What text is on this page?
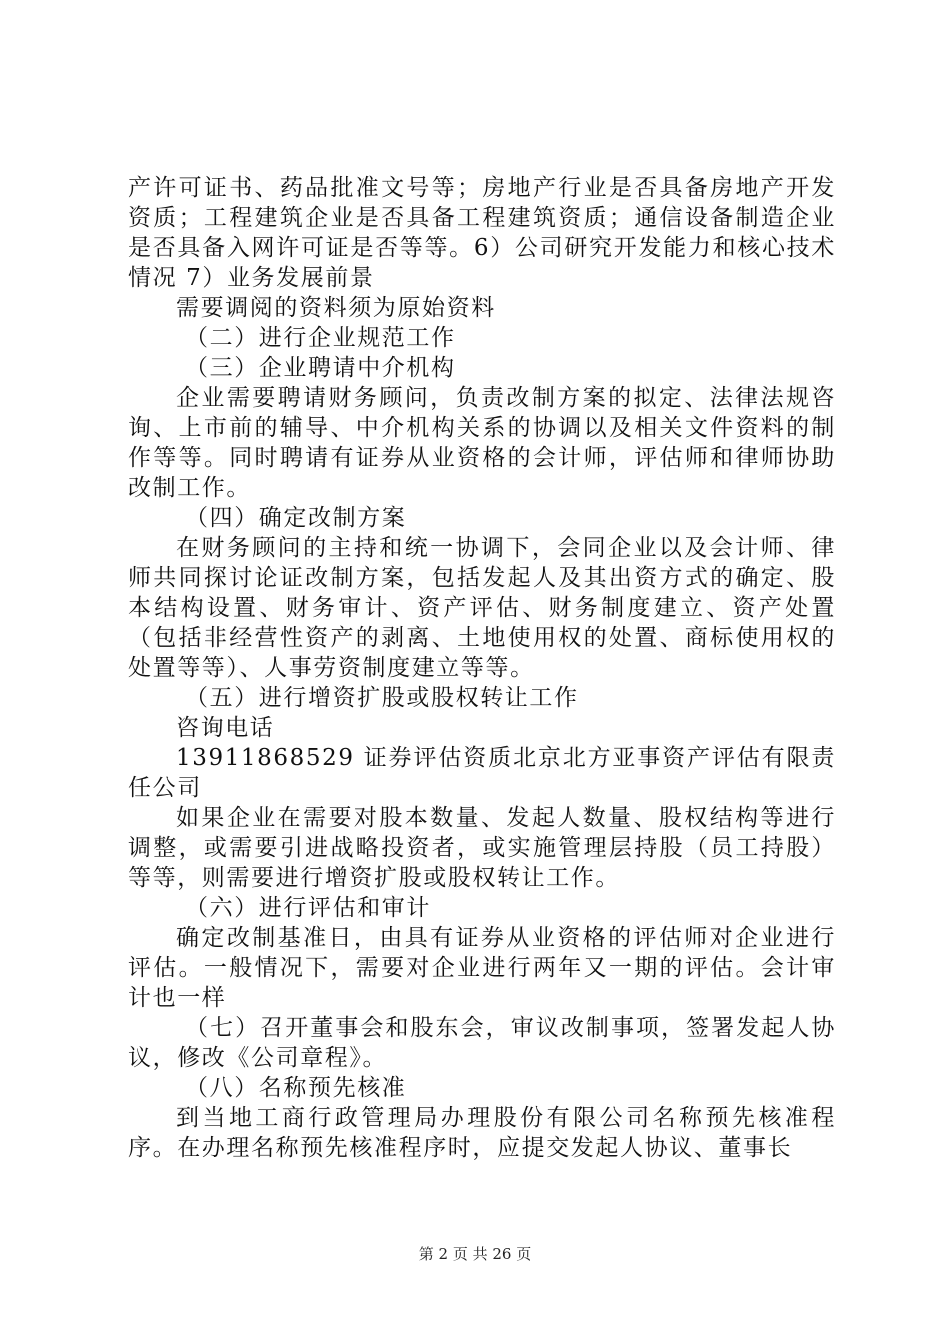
产许可证书、药品批准文号等；房地产行业是否具备房地产开发资质；工程建筑企业是否具备工程建筑资质；通信设备制造企业是否具备入网许可证是否等等。6）公司研究开发能力和核心技术情况 7）业务发展前景

需要调阅的资料须为原始资料

（二）进行企业规范工作

（三）企业聘请中介机构

企业需要聘请财务顾问，负责改制方案的拟定、法律法规咨询、上市前的辅导、中介机构关系的协调以及相关文件资料的制作等等。同时聘请有证券从业资格的会计师，评估师和律师协助改制工作。

（四）确定改制方案

在财务顾问的主持和统一协调下，会同企业以及会计师、律师共同探讨论证改制方案，包括发起人及其出资方式的确定、股本结构设置、财务审计、资产评估、财务制度建立、资产处置（包括非经营性资产的剥离、土地使用权的处置、商标使用权的处置等等）、人事劳资制度建立等等。

（五）进行增资扩股或股权转让工作

咨询电话

13911868529 证券评估资质北京北方亚事资产评估有限责任公司

如果企业在需要对股本数量、发起人数量、股权结构等进行调整，或需要引进战略投资者，或实施管理层持股（员工持股）等等，则需要进行增资扩股或股权转让工作。

（六）进行评估和审计

确定改制基准日，由具有证券从业资格的评估师对企业进行评估。一般情况下，需要对企业进行两年又一期的评估。会计审计也一样

（七）召开董事会和股东会，审议改制事项，签署发起人协议，修改《公司章程》。

（八）名称预先核准

到当地工商行政管理局办理股份有限公司名称预先核准程序。在办理名称预先核准程序时，应提交发起人协议、董事长

第 2 页 共 26 页
